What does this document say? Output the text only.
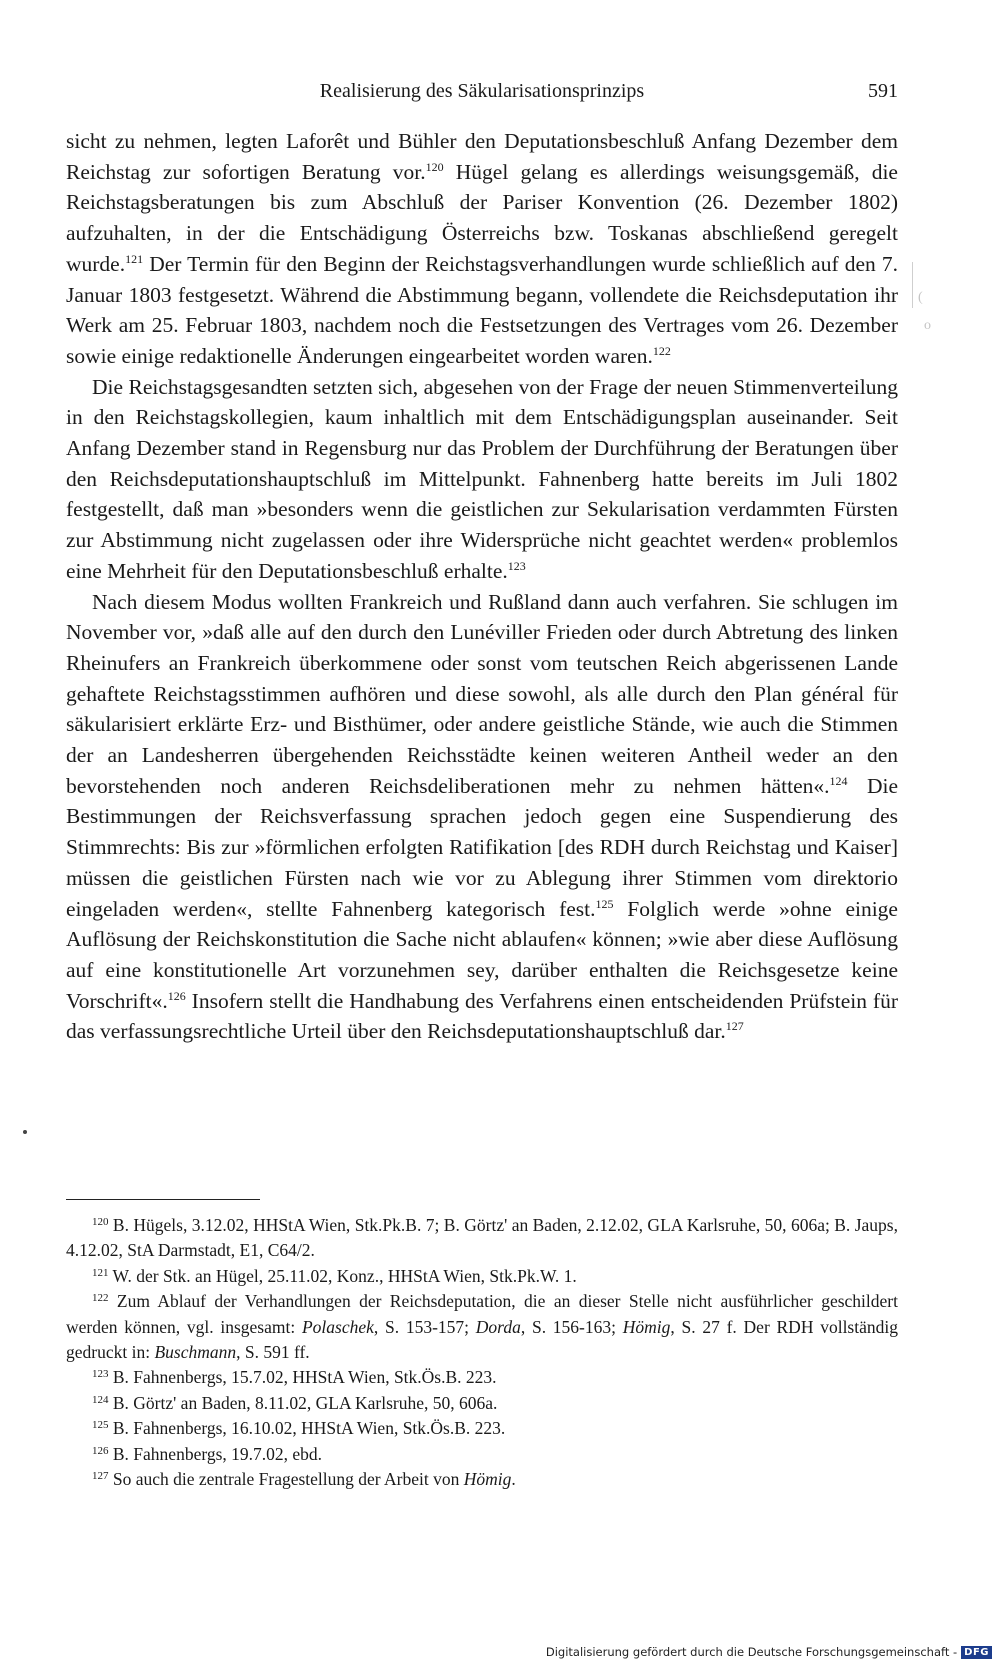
Realisierung des Säkularisationsprinzips	591

sicht zu nehmen, legten Laforêt und Bühler den Deputationsbeschluß Anfang Dezember dem Reichstag zur sofortigen Beratung vor.$^{120}$ Hügel gelang es allerdings weisungsgemäß, die Reichstagsberatungen bis zum Abschluß der Pariser Konvention (26. Dezember 1802) aufzuhalten, in der die Entschädigung Österreichs bzw. Toskanas abschließend geregelt wurde.$^{121}$ Der Termin für den Beginn der Reichstagsverhandlungen wurde schließlich auf den 7. Januar 1803 festgesetzt. Während die Abstimmung begann, vollendete die Reichsdeputation ihr Werk am 25. Februar 1803, nachdem noch die Festsetzungen des Vertrages vom 26. Dezember sowie einige redaktionelle Änderungen eingearbeitet worden waren.$^{122}$

Die Reichstagsgesandten setzten sich, abgesehen von der Frage der neuen Stimmenverteilung in den Reichstagskollegien, kaum inhaltlich mit dem Entschädigungsplan auseinander. Seit Anfang Dezember stand in Regensburg nur das Problem der Durchführung der Beratungen über den Reichsdeputationshauptschluß im Mittelpunkt. Fahnenberg hatte bereits im Juli 1802 festgestellt, daß man »besonders wenn die geistlichen zur Sekularisation verdammten Fürsten zur Abstimmung nicht zugelassen oder ihre Widersprüche nicht geachtet werden« problemlos eine Mehrheit für den Deputationsbeschluß erhalte.$^{123}$

Nach diesem Modus wollten Frankreich und Rußland dann auch verfahren. Sie schlugen im November vor, »daß alle auf den durch den Lunéviller Frieden oder durch Abtretung des linken Rheinufers an Frankreich überkommene oder sonst vom teutschen Reich abgerissenen Lande gehaftete Reichstagsstimmen aufhören und diese sowohl, als alle durch den Plan général für säkularisiert erklärte Erz- und Bisthümer, oder andere geistliche Stände, wie auch die Stimmen der an Landesherren übergehenden Reichsstädte keinen weiteren Antheil weder an den bevorstehenden noch anderen Reichsdeliberationen mehr zu nehmen hätten«.$^{124}$ Die Bestimmungen der Reichsverfassung sprachen jedoch gegen eine Suspendierung des Stimmrechts: Bis zur »förmlichen erfolgten Ratifikation [des RDH durch Reichstag und Kaiser] müssen die geistlichen Fürsten nach wie vor zu Ablegung ihrer Stimmen vom direktorio eingeladen werden«, stellte Fahnenberg kategorisch fest.$^{125}$ Folglich werde »ohne einige Auflösung der Reichskonstitution die Sache nicht ablaufen« können; »wie aber diese Auflösung auf eine konstitutionelle Art vorzunehmen sey, darüber enthalten die Reichsgesetze keine Vorschrift«.$^{126}$ Insofern stellt die Handhabung des Verfahrens einen entscheidenden Prüfstein für das verfassungsrechtliche Urteil über den Reichsdeputationshauptschluß dar.$^{127}$

$^{120}$ B. Hügels, 3.12.02, HHStA Wien, Stk.Pk.B. 7; B. Görtz' an Baden, 2.12.02, GLA Karlsruhe, 50, 606a; B. Jaups, 4.12.02, StA Darmstadt, E1, C64/2.

$^{121}$ W. der Stk. an Hügel, 25.11.02, Konz., HHStA Wien, Stk.Pk.W. 1.

$^{122}$ Zum Ablauf der Verhandlungen der Reichsdeputation, die an dieser Stelle nicht ausführlicher geschildert werden können, vgl. insgesamt: Polaschek, S. 153-157; Dorda, S. 156-163; Hömig, S. 27 f. Der RDH vollständig gedruckt in: Buschmann, S. 591 ff.

$^{123}$ B. Fahnenbergs, 15.7.02, HHStA Wien, Stk.Ös.B. 223.

$^{124}$ B. Görtz' an Baden, 8.11.02, GLA Karlsruhe, 50, 606a.

$^{125}$ B. Fahnenbergs, 16.10.02, HHStA Wien, Stk.Ös.B. 223.

$^{126}$ B. Fahnenbergs, 19.7.02, ebd.

$^{127}$ So auch die zentrale Fragestellung der Arbeit von Hömig.

(
o
Digitalisierung gefördert durch die Deutsche Forschungsgemeinschaft - DFG
